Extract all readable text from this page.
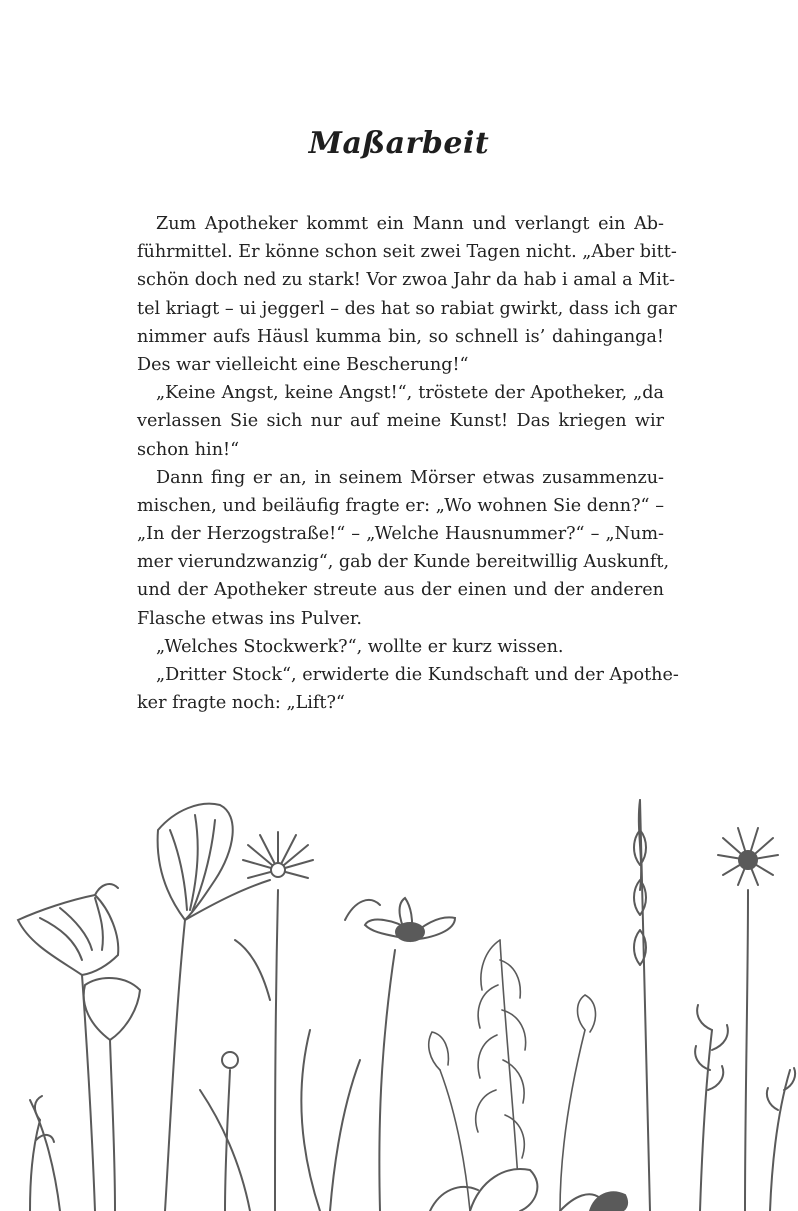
Maßarbeit
Zum Apotheker kommt ein Mann und verlangt ein Ab-
führmittel. Er könne schon seit zwei Tagen nicht. „Aber bitt-
schön doch ned zu stark! Vor zwoa Jahr da hab i amal a Mit-
tel kriagt – ui jeggerl – des hat so rabiat gwirkt, dass ich gar
nimmer aufs Häusl kumma bin, so schnell is’ dahinganga!
Des war vielleicht eine Bescherung!“
„Keine Angst, keine Angst!“, tröstete der Apotheker, „da
verlassen Sie sich nur auf meine Kunst! Das kriegen wir
schon hin!“
Dann fing er an, in seinem Mörser etwas zusammenzu-
mischen, und beiläufig fragte er: „Wo wohnen Sie denn?“ –
„In der Herzogstraße!“ – „Welche Hausnummer?“ – „Num-
mer vierundzwanzig“, gab der Kunde bereitwillig Auskunft,
und der Apotheker streute aus der einen und der anderen
Flasche etwas ins Pulver.
„Welches Stockwerk?“, wollte er kurz wissen.
„Dritter Stock“, erwiderte die Kundschaft und der Apothe-
ker fragte noch: „Lift?“
